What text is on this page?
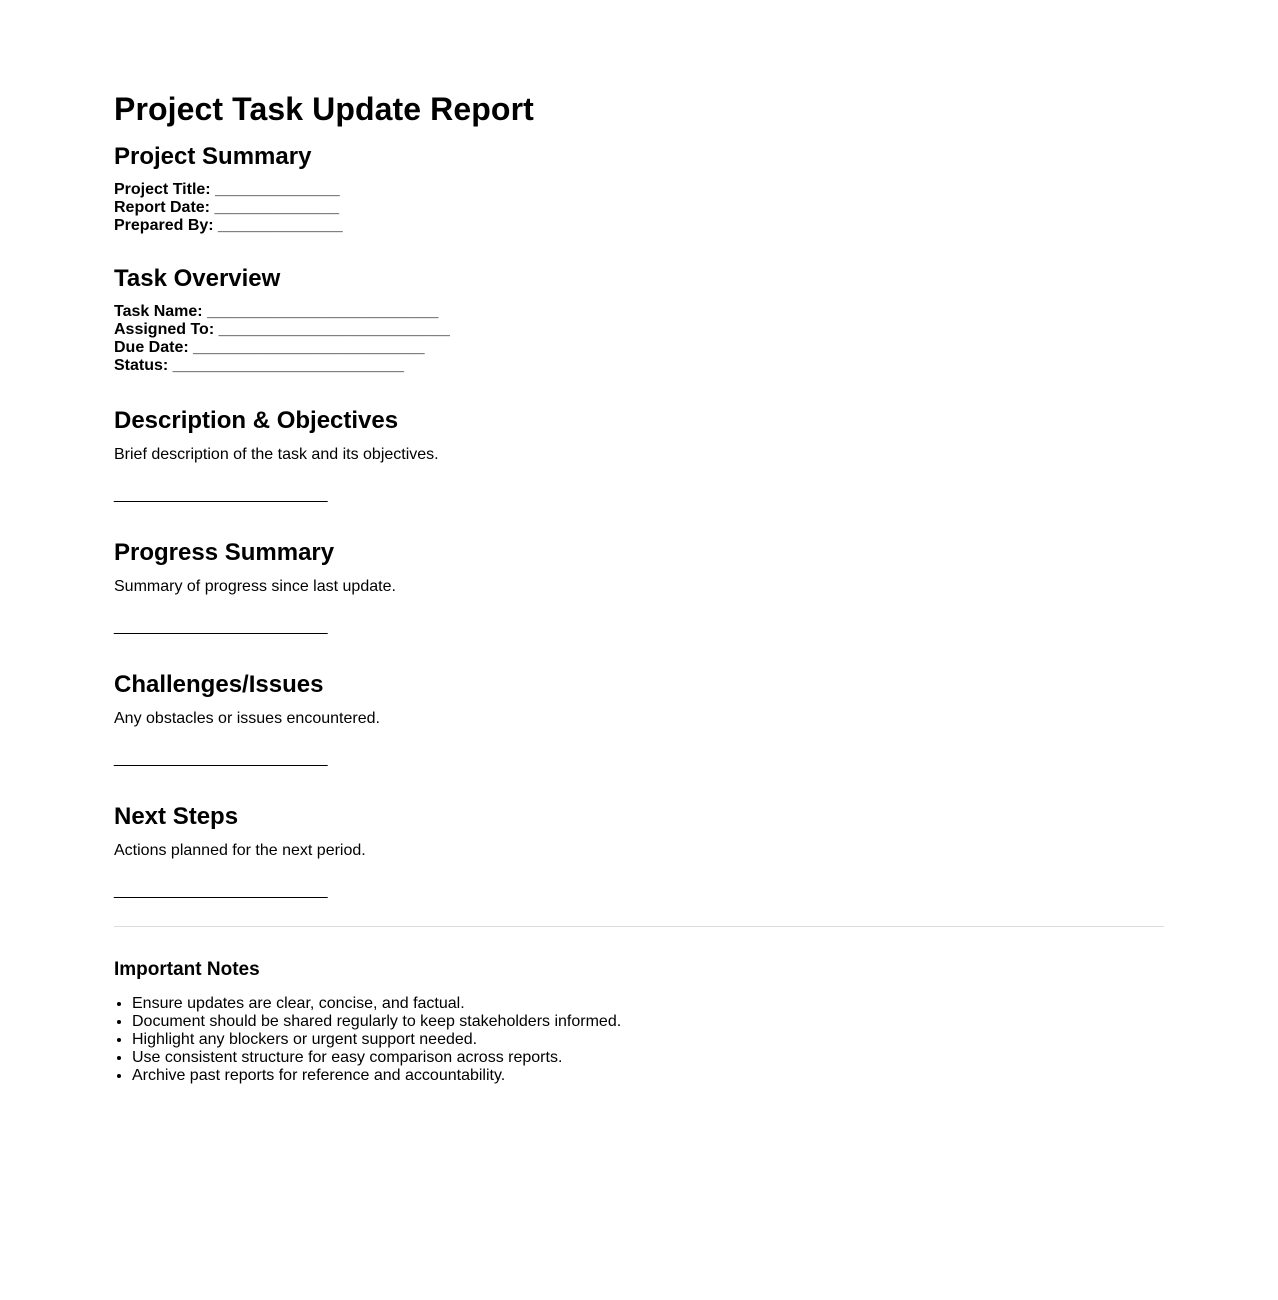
Project Task Update Report
Project Summary
Project Title: ______________
Report Date: ______________
Prepared By: ______________
Task Overview
Task Name: __________________________
Assigned To: __________________________
Due Date: __________________________
Status: __________________________
Description & Objectives

Brief description of the task and its objectives.

________________________

Progress Summary

Summary of progress since last update.

________________________

Challenges/Issues

Any obstacles or issues encountered.

________________________

Next Steps

Actions planned for the next period.

________________________

Important Notes
• Ensure updates are clear, concise, and factual.
• Document should be shared regularly to keep stakeholders informed.
• Highlight any blockers or urgent support needed.
• Use consistent structure for easy comparison across reports.
• Archive past reports for reference and accountability.
